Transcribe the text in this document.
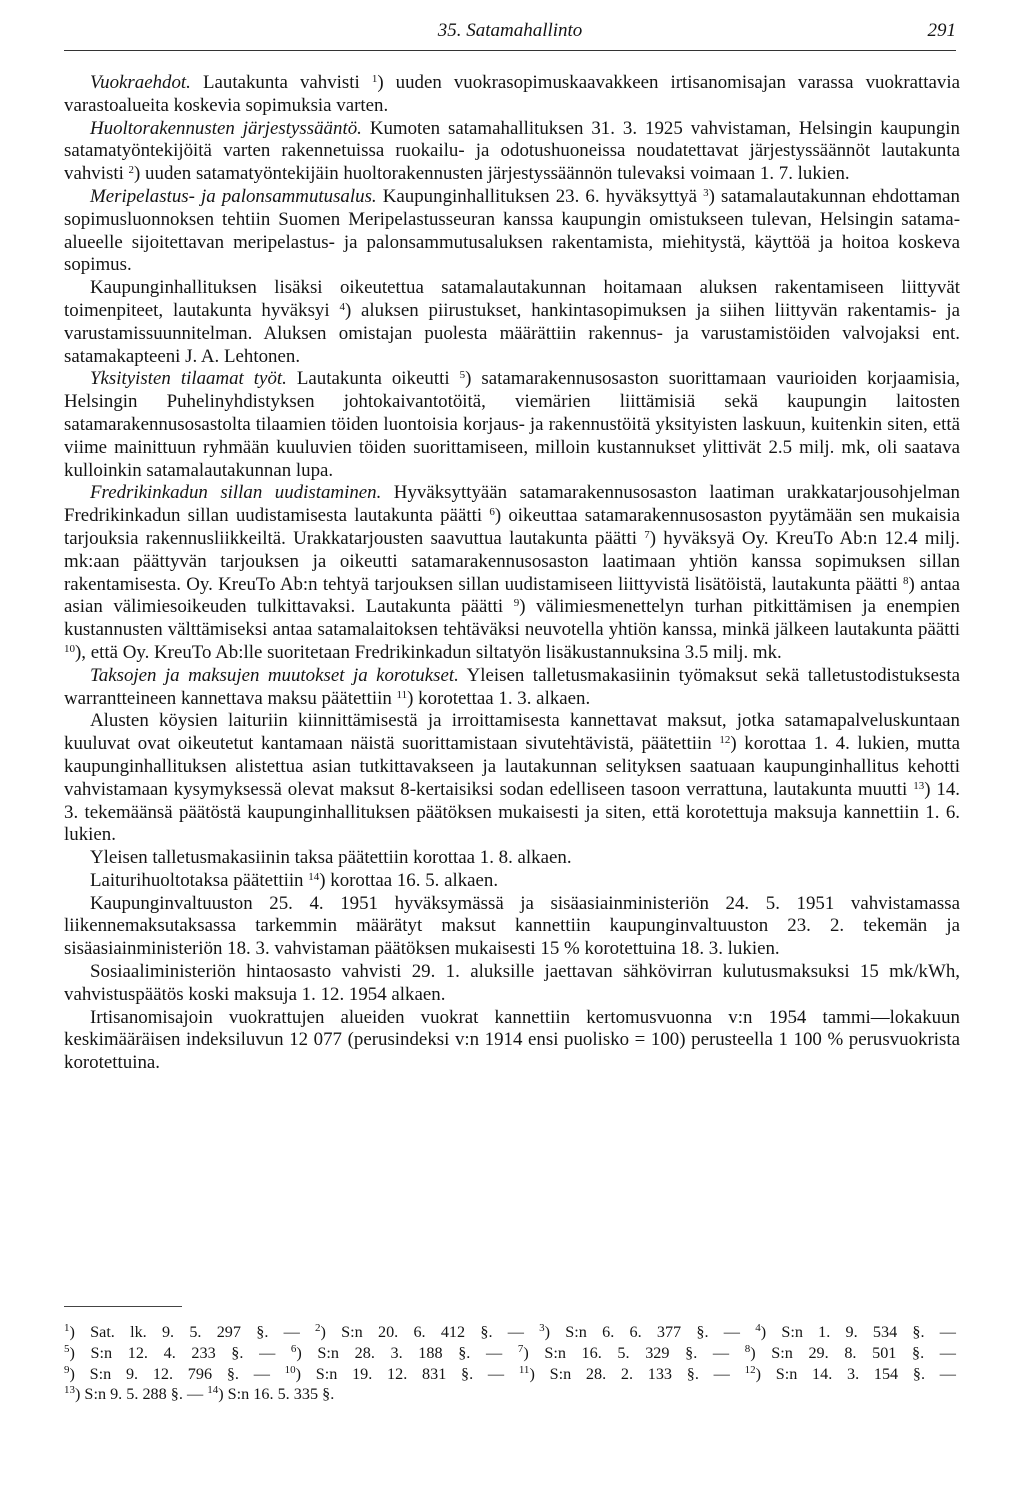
35. Satamahallinto	291

Vuokraehdot. Lautakunta vahvisti $^1$) uuden vuokrasopimuskaavakkeen irtisanomisajan varassa vuokrattavia varastoalueita koskevia sopimuksia varten.

Huoltorakennusten järjestyssääntö. Kumoten satamahallituksen 31. 3. 1925 vahvistaman, Helsingin kaupungin satamatyöntekijöitä varten rakennetuissa ruokailu- ja odotushuoneissa noudatettavat järjestyssäännöt lautakunta vahvisti $^2$) uuden satamatyöntekijäin huoltorakennusten järjestyssäännön tulevaksi voimaan 1. 7. lukien.

Meripelastus- ja palonsammutusalus. Kaupunginhallituksen 23. 6. hyväksyttyä $^3$) satamalautakunnan ehdottaman sopimusluonnoksen tehtiin Suomen Meripelastusseuran kanssa kaupungin omistukseen tulevan, Helsingin satama-alueelle sijoitettavan meripelastus- ja palonsammutusaluksen rakentamista, miehitystä, käyttöä ja hoitoa koskeva sopimus.

Kaupunginhallituksen lisäksi oikeutettua satamalautakunnan hoitamaan aluksen rakentamiseen liittyvät toimenpiteet, lautakunta hyväksyi $^4$) aluksen piirustukset, hankintasopimuksen ja siihen liittyvän rakentamis- ja varustamissuunnitelman. Aluksen omistajan puolesta määrättiin rakennus- ja varustamistöiden valvojaksi ent. satamakapteeni J. A. Lehtonen.

Yksityisten tilaamat työt. Lautakunta oikeutti $^5$) satamarakennusosaston suorittamaan vaurioiden korjaamisia, Helsingin Puhelinyhdistyksen johtokaivantotöitä, viemärien liittämisiä sekä kaupungin laitosten satamarakennusosastolta tilaamien töiden luontoisia korjaus- ja rakennustöitä yksityisten laskuun, kuitenkin siten, että viime mainittuun ryhmään kuuluvien töiden suorittamiseen, milloin kustannukset ylittivät 2.5 milj. mk, oli saatava kulloinkin satamalautakunnan lupa.

Fredrikinkadun sillan uudistaminen. Hyväksyttyään satamarakennusosaston laatiman urakkatarjousohjelman Fredrikinkadun sillan uudistamisesta lautakunta päätti $^6$) oikeuttaa satamarakennusosaston pyytämään sen mukaisia tarjouksia rakennusliikkeiltä. Urakkatarjousten saavuttua lautakunta päätti $^7$) hyväksyä Oy. KreuTo Ab:n 12.4 milj. mk:aan päättyvän tarjouksen ja oikeutti satamarakennusosaston laatimaan yhtiön kanssa sopimuksen sillan rakentamisesta. Oy. KreuTo Ab:n tehtyä tarjouksen sillan uudistamiseen liittyvistä lisätöistä, lautakunta päätti $^8$) antaa asian välimiesoikeuden tulkittavaksi. Lautakunta päätti $^9$) välimiesmenettelyn turhan pitkittämisen ja enempien kustannusten välttämiseksi antaa satamalaitoksen tehtäväksi neuvotella yhtiön kanssa, minkä jälkeen lautakunta päätti $^{10}$), että Oy. KreuTo Ab:lle suoritetaan Fredrikinkadun siltatyön lisäkustannuksina 3.5 milj. mk.

Taksojen ja maksujen muutokset ja korotukset. Yleisen talletusmakasiinin työmaksut sekä talletustodistuksesta warrantteineen kannettava maksu päätettiin $^{11}$) korotettaa 1. 3. alkaen.

Alusten köysien laituriin kiinnittämisestä ja irroittamisesta kannettavat maksut, jotka satamapalveluskuntaan kuuluvat ovat oikeutetut kantamaan näistä suorittamistaan sivutehtävistä, päätettiin $^{12}$) korottaa 1. 4. lukien, mutta kaupunginhallituksen alistettua asian tutkittavakseen ja lautakunnan selityksen saatuaan kaupunginhallitus kehotti vahvistamaan kysymyksessä olevat maksut 8-kertaisiksi sodan edelliseen tasoon verrattuna, lautakunta muutti $^{13}$) 14. 3. tekemäänsä päätöstä kaupunginhallituksen päätöksen mukaisesti ja siten, että korotettuja maksuja kannettiin 1. 6. lukien.

Yleisen talletusmakasiinin taksa päätettiin korottaa 1. 8. alkaen.

Laiturihuoltotaksa päätettiin $^{14}$) korottaa 16. 5. alkaen.

Kaupunginvaltuuston 25. 4. 1951 hyväksymässä ja sisäasiainministeriön 24. 5. 1951 vahvistamassa liikennemaksutaksassa tarkemmin määrätyt maksut kannettiin kaupunginvaltuuston 23. 2. tekemän ja sisäasiainministeriön 18. 3. vahvistaman päätöksen mukaisesti 15 % korotettuina 18. 3. lukien.

Sosiaaliministeriön hintaosasto vahvisti 29. 1. aluksille jaettavan sähkövirran kulutusmaksuksi 15 mk/kWh, vahvistuspäätös koski maksuja 1. 12. 1954 alkaen.

Irtisanomisajoin vuokrattujen alueiden vuokrat kannettiin kertomusvuonna v:n 1954 tammi—lokakuun keskimääräisen indeksiluvun 12 077 (perusindeksi v:n 1914 ensi puolisko = 100) perusteella 1 100 % perusvuokrista korotettuina.

$^1$) Sat. lk. 9. 5. 297 §. — $^2$) S:n 20. 6. 412 §. — $^3$) S:n 6. 6. 377 §. — $^4$) S:n 1. 9. 534 §. —
$^5$) S:n 12. 4. 233 §. — $^6$) S:n 28. 3. 188 §. — $^7$) S:n 16. 5. 329 §. — $^8$) S:n 29. 8. 501 §. —
$^9$) S:n 9. 12. 796 §. — $^{10}$) S:n 19. 12. 831 §. — $^{11}$) S:n 28. 2. 133 §. — $^{12}$) S:n 14. 3. 154 §. —
$^{13}$) S:n 9. 5. 288 §. — $^{14}$) S:n 16. 5. 335 §.
